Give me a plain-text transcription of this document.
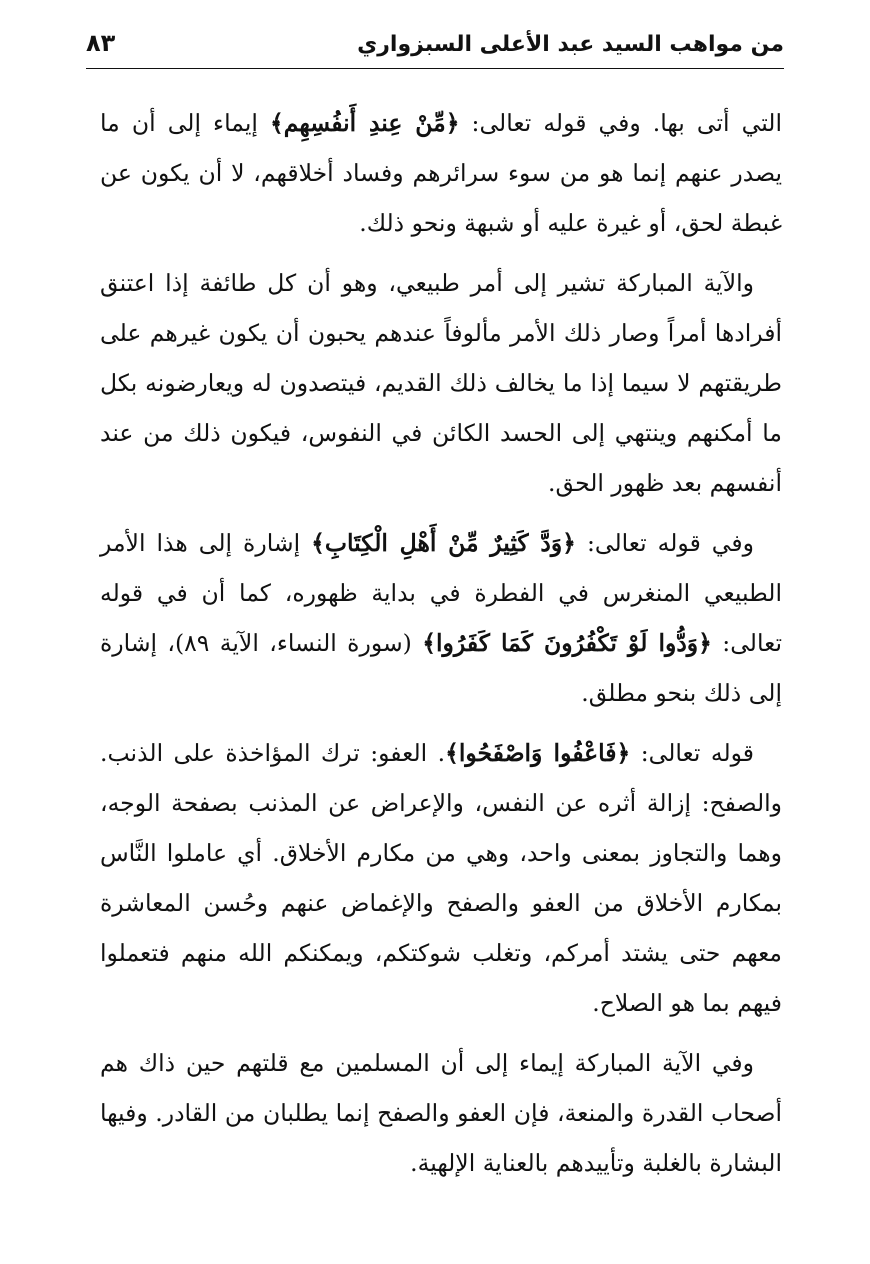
من مواهب السيد عبد الأعلى السبزواري
٨٣

التي أتى بها. وفي قوله تعالى: ﴿مِّنْ عِندِ أَنفُسِهِم﴾ إيماء إلى أن ما يصدر عنهم إنما هو من سوء سرائرهم وفساد أخلاقهم، لا أن يكون عن غبطة لحق، أو غيرة عليه أو شبهة ونحو ذلك.

والآية المباركة تشير إلى أمر طبيعي، وهو أن كل طائفة إذا اعتنق أفرادها أمراً وصار ذلك الأمر مألوفاً عندهم يحبون أن يكون غيرهم على طريقتهم لا سيما إذا ما يخالف ذلك القديم، فيتصدون له ويعارضونه بكل ما أمكنهم وينتهي إلى الحسد الكائن في النفوس، فيكون ذلك من عند أنفسهم بعد ظهور الحق.

وفي قوله تعالى: ﴿وَدَّ كَثِيرٌ مِّنْ أَهْلِ الْكِتَابِ﴾ إشارة إلى هذا الأمر الطبيعي المنغرس في الفطرة في بداية ظهوره، كما أن في قوله تعالى: ﴿وَدُّوا لَوْ تَكْفُرُونَ كَمَا كَفَرُوا﴾ (سورة النساء، الآية ٨٩)، إشارة إلى ذلك بنحو مطلق.

قوله تعالى: ﴿فَاعْفُوا وَاصْفَحُوا﴾. العفو: ترك المؤاخذة على الذنب. والصفح: إزالة أثره عن النفس، والإعراض عن المذنب بصفحة الوجه، وهما والتجاوز بمعنى واحد، وهي من مكارم الأخلاق. أي عاملوا النَّاس بمكارم الأخلاق من العفو والصفح والإغماض عنهم وحُسن المعاشرة معهم حتى يشتد أمركم، وتغلب شوكتكم، ويمكنكم الله منهم فتعملوا فيهم بما هو الصلاح.

وفي الآية المباركة إيماء إلى أن المسلمين مع قلتهم حين ذاك هم أصحاب القدرة والمنعة، فإن العفو والصفح إنما يطلبان من القادر. وفيها البشارة بالغلبة وتأييدهم بالعناية الإلهية.
